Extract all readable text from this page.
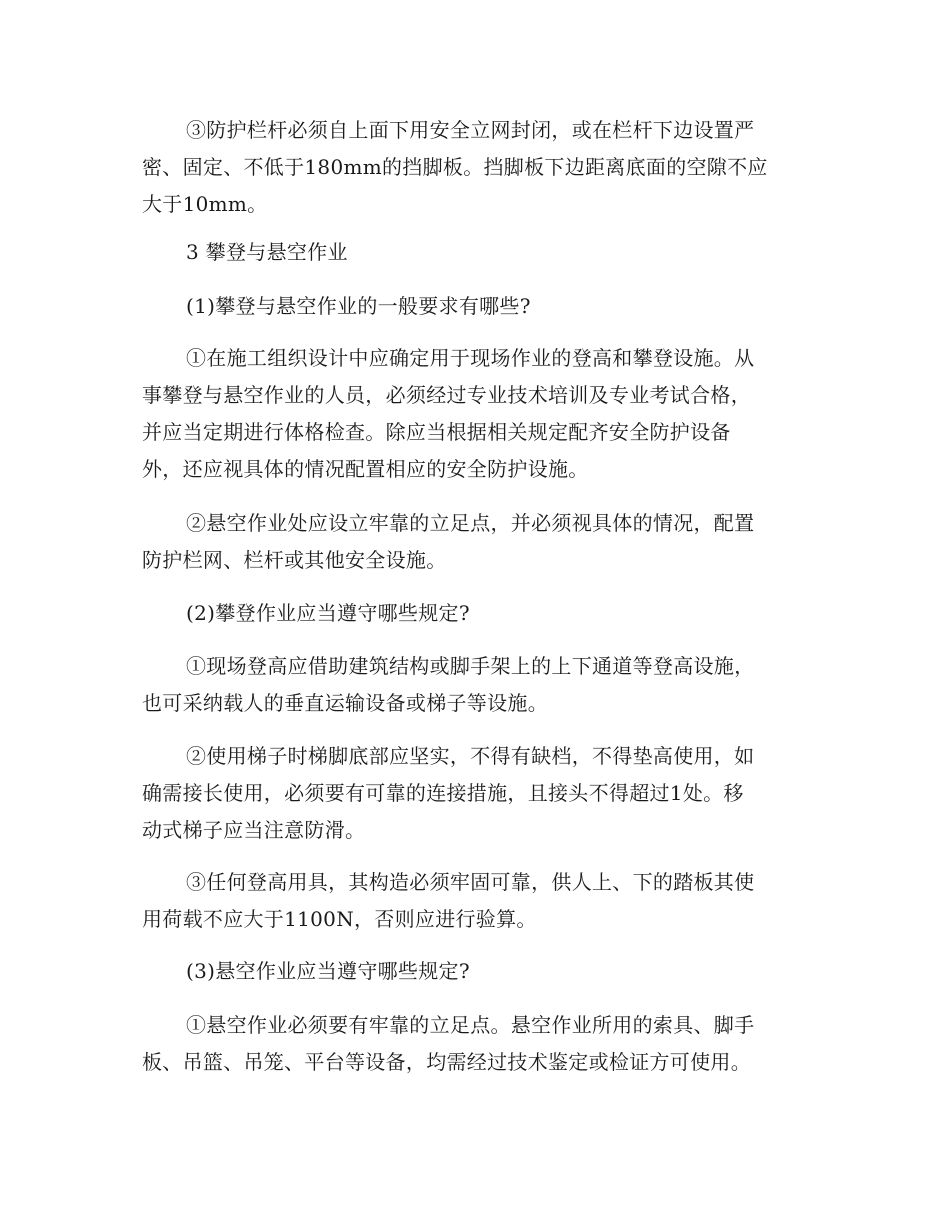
③防护栏杆必须自上面下用安全立网封闭，或在栏杆下边设置严
密、固定、不低于180mm的挡脚板。挡脚板下边距离底面的空隙不应
大于10mm。

3 攀登与悬空作业

(1)攀登与悬空作业的一般要求有哪些?

①在施工组织设计中应确定用于现场作业的登高和攀登设施。从
事攀登与悬空作业的人员，必须经过专业技术培训及专业考试合格，
并应当定期进行体格检查。除应当根据相关规定配齐安全防护设备
外，还应视具体的情况配置相应的安全防护设施。

②悬空作业处应设立牢靠的立足点，并必须视具体的情况，配置
防护栏网、栏杆或其他安全设施。

(2)攀登作业应当遵守哪些规定?

①现场登高应借助建筑结构或脚手架上的上下通道等登高设施，
也可采纳载人的垂直运输设备或梯子等设施。

②使用梯子时梯脚底部应坚实，不得有缺档，不得垫高使用，如
确需接长使用，必须要有可靠的连接措施，且接头不得超过1处。移
动式梯子应当注意防滑。

③任何登高用具，其构造必须牢固可靠，供人上、下的踏板其使
用荷载不应大于1100N，否则应进行验算。

(3)悬空作业应当遵守哪些规定?

①悬空作业必须要有牢靠的立足点。悬空作业所用的索具、脚手
板、吊篮、吊笼、平台等设备，均需经过技术鉴定或检证方可使用。
